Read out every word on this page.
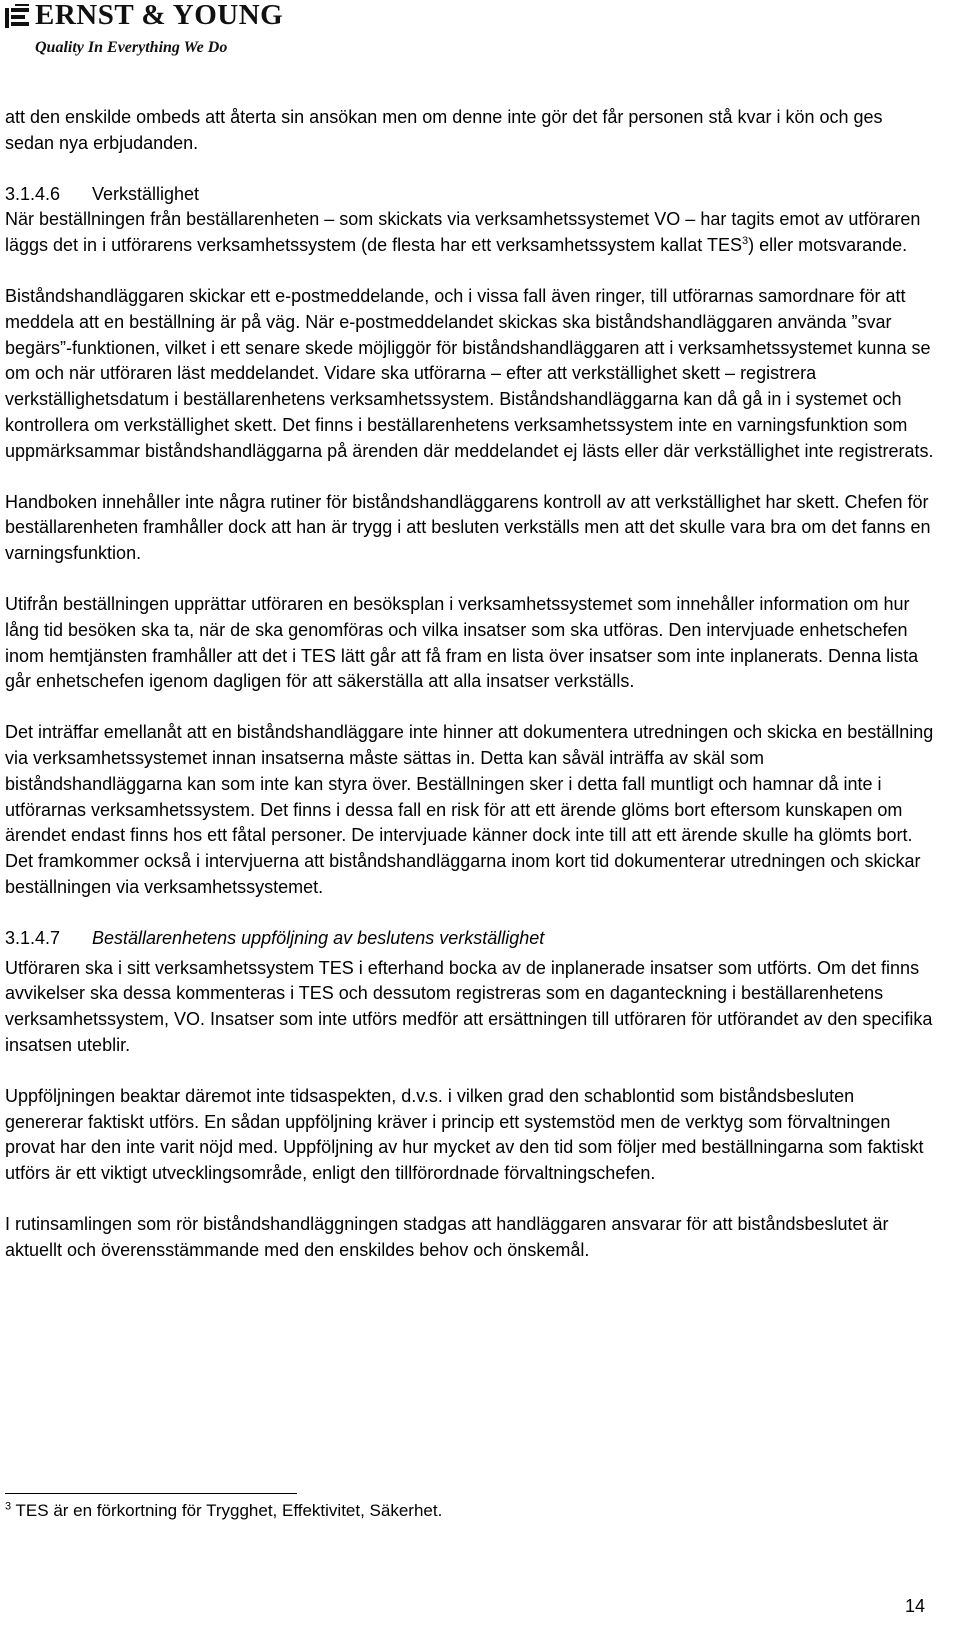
ERNST & YOUNG
Quality In Everything We Do

att den enskilde ombeds att återta sin ansökan men om denne inte gör det får personen stå kvar i kön och ges sedan nya erbjudanden.

3.1.4.6	Verkställighet

När beställningen från beställarenheten – som skickats via verksamhetssystemet VO – har tagits emot av utföraren läggs det in i utförarens verksamhetssystem (de flesta har ett verksamhetssystem kallat TES$^3$) eller motsvarande.

Biståndshandläggaren skickar ett e-postmeddelande, och i vissa fall även ringer, till utförarnas samordnare för att meddela att en beställning är på väg. När e-postmeddelandet skickas ska biståndshandläggaren använda ”svar begärs”-funktionen, vilket i ett senare skede möjliggör för biståndshandläggaren att i verksamhetssystemet kunna se om och när utföraren läst meddelandet. Vidare ska utförarna – efter att verkställighet skett – registrera verkställighetsdatum i beställarenhetens verksamhetssystem. Biståndshandläggarna kan då gå in i systemet och kontrollera om verkställighet skett. Det finns i beställarenhetens verksamhetssystem inte en varningsfunktion som uppmärksammar biståndshandläggarna på ärenden där meddelandet ej lästs eller där verkställighet inte registrerats.

Handboken innehåller inte några rutiner för biståndshandläggarens kontroll av att verkställighet har skett. Chefen för beställarenheten framhåller dock att han är trygg i att besluten verkställs men att det skulle vara bra om det fanns en varningsfunktion.

Utifrån beställningen upprättar utföraren en besöksplan i verksamhetssystemet som innehåller information om hur lång tid besöken ska ta, när de ska genomföras och vilka insatser som ska utföras. Den intervjuade enhetschefen inom hemtjänsten framhåller att det i TES lätt går att få fram en lista över insatser som inte inplanerats. Denna lista går enhetschefen igenom dagligen för att säkerställa att alla insatser verkställs.

Det inträffar emellanåt att en biståndshandläggare inte hinner att dokumentera utredningen och skicka en beställning via verksamhetssystemet innan insatserna måste sättas in. Detta kan såväl inträffa av skäl som biståndshandläggarna kan som inte kan styra över. Beställningen sker i detta fall muntligt och hamnar då inte i utförarnas verksamhetssystem. Det finns i dessa fall en risk för att ett ärende glöms bort eftersom kunskapen om ärendet endast finns hos ett fåtal personer. De intervjuade känner dock inte till att ett ärende skulle ha glömts bort. Det framkommer också i intervjuerna att biståndshandläggarna inom kort tid dokumenterar utredningen och skickar beställningen via verksamhetssystemet.

3.1.4.7	Beställarenhetens uppföljning av beslutens verkställighet

Utföraren ska i sitt verksamhetssystem TES i efterhand bocka av de inplanerade insatser som utförts. Om det finns avvikelser ska dessa kommenteras i TES och dessutom registreras som en daganteckning i beställarenhetens verksamhetssystem, VO. Insatser som inte utförs medför att ersättningen till utföraren för utförandet av den specifika insatsen uteblir.

Uppföljningen beaktar däremot inte tidsaspekten, d.v.s. i vilken grad den schablontid som biståndsbesluten genererar faktiskt utförs. En sådan uppföljning kräver i princip ett systemstöd men de verktyg som förvaltningen provat har den inte varit nöjd med. Uppföljning av hur mycket av den tid som följer med beställningarna som faktiskt utförs är ett viktigt utvecklingsområde, enligt den tillförordnade förvaltningschefen.

I rutinsamlingen som rör biståndshandläggningen stadgas att handläggaren ansvarar för att biståndsbeslutet är aktuellt och överensstämmande med den enskildes behov och önskemål.

$^3$ TES är en förkortning för Trygghet, Effektivitet, Säkerhet.
14
